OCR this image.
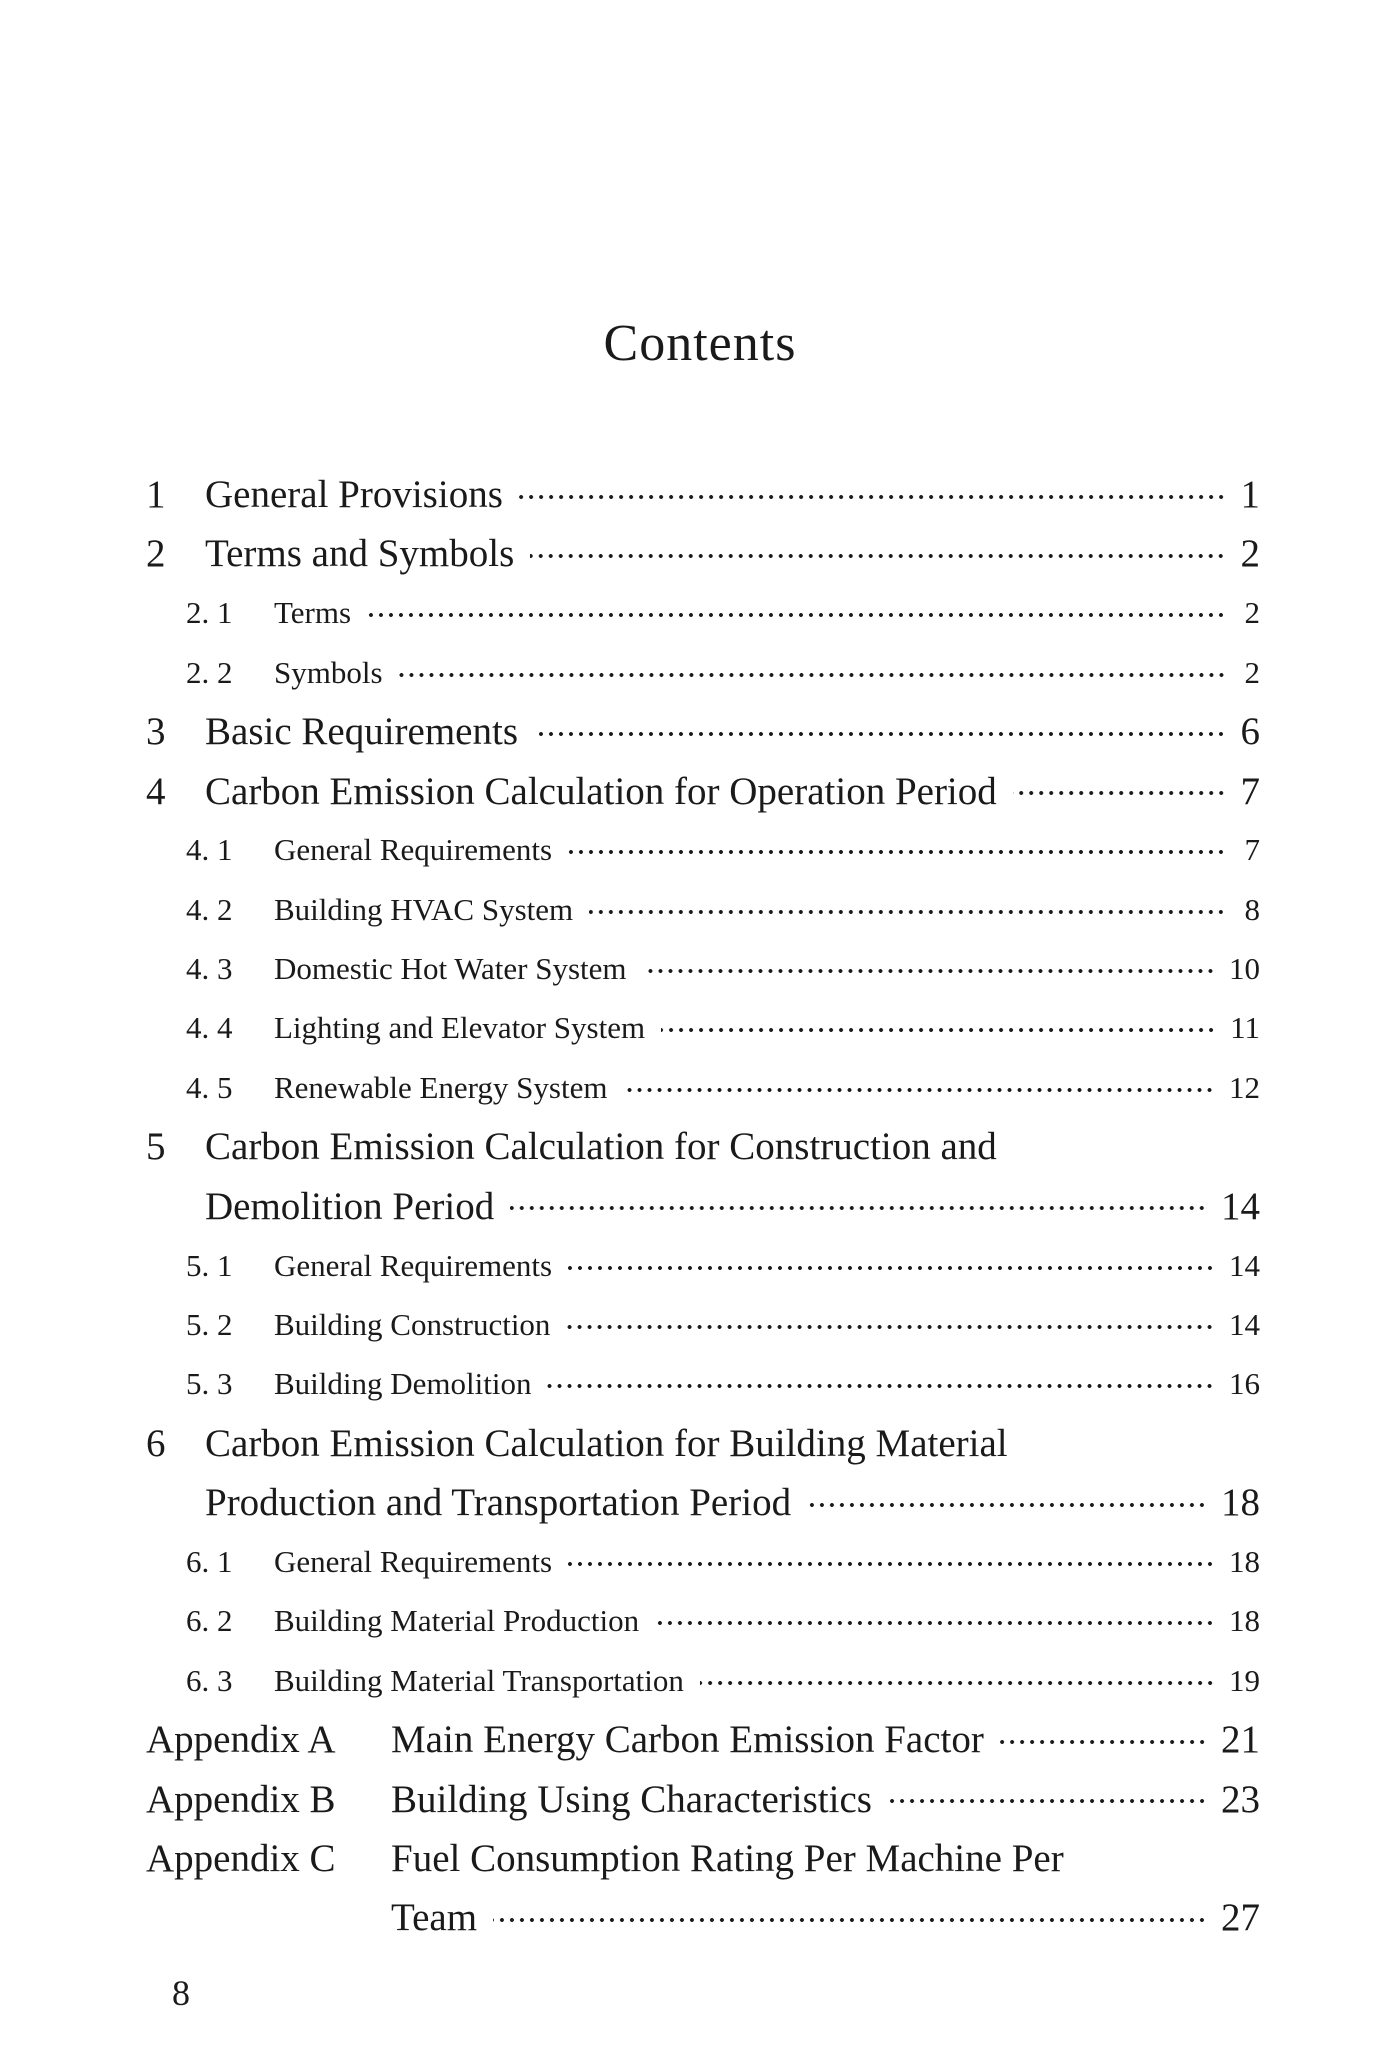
Contents
1	General Provisions	1
2	Terms and Symbols	2
2. 1	Terms	2
2. 2	Symbols	2
3	Basic Requirements	6
4	Carbon Emission Calculation for Operation Period	7
4. 1	General Requirements	7
4. 2	Building HVAC System	8
4. 3	Domestic Hot Water System	10
4. 4	Lighting and Elevator System	11
4. 5	Renewable Energy System	12
5	Carbon Emission Calculation for Construction and
Demolition Period	14
5. 1	General Requirements	14
5. 2	Building Construction	14
5. 3	Building Demolition	16
6	Carbon Emission Calculation for Building Material
Production and Transportation Period	18
6. 1	General Requirements	18
6. 2	Building Material Production	18
6. 3	Building Material Transportation	19
Appendix A	Main Energy Carbon Emission Factor	21
Appendix B	Building Using Characteristics	23
Appendix C	Fuel Consumption Rating Per Machine Per
Team	27
8
